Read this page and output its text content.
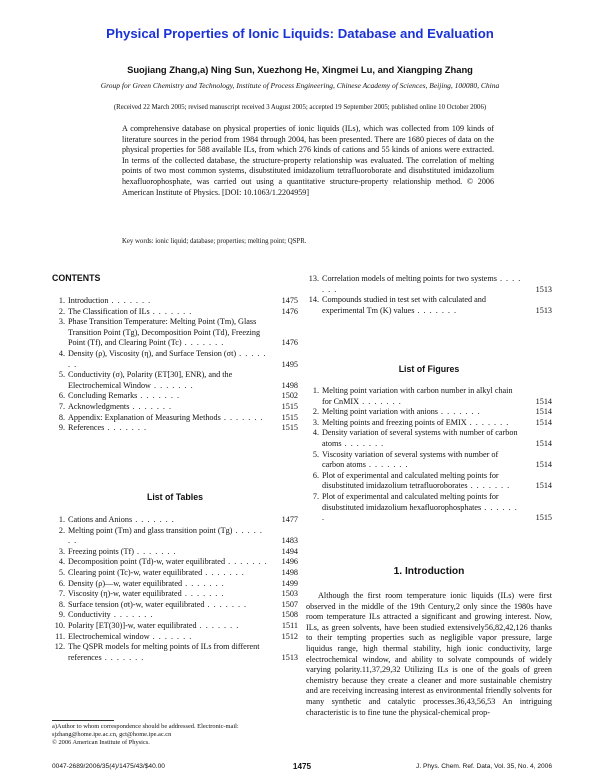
Physical Properties of Ionic Liquids: Database and Evaluation
Suojiang Zhang,a) Ning Sun, Xuezhong He, Xingmei Lu, and Xiangping Zhang
Group for Green Chemistry and Technology, Institute of Process Engineering, Chinese Academy of Sciences, Beijing, 100080, China
(Received 22 March 2005; revised manuscript received 3 August 2005; accepted 19 September 2005; published online 10 October 2006)
A comprehensive database on physical properties of ionic liquids (ILs), which was collected from 109 kinds of literature sources in the period from 1984 through 2004, has been presented. There are 1680 pieces of data on the physical properties for 588 available ILs, from which 276 kinds of cations and 55 kinds of anions were extracted. In terms of the collected database, the structure-property relationship was evaluated. The correlation of melting points of two most common systems, disubstituted imidazolium tetrafluoroborate and disubstituted imidazolium hexafluorophosphate, was carried out using a quantitative structure-property relationship method. © 2006 American Institute of Physics. [DOI: 10.1063/1.2204959]
Key words: ionic liquid; database; properties; melting point; QSPR.
CONTENTS
1. Introduction . . . . . . .	1475
2. The Classification of ILs . . . . . . .	1476
3. Phase Transition Temperature: Melting Point (Tm), Glass Transition Point (Tg), Decomposition Point (Td), Freezing Point (Tf), and Clearing Point (Tc) . . . . . . .	1476
4. Density (ρ), Viscosity (η), and Surface Tension (σt) . . . . . . .	1495
5. Conductivity (σ), Polarity (ET[30], ENR), and the Electrochemical Window . . . . . . .	1498
6. Concluding Remarks . . . . . . .	1502
7. Acknowledgments . . . . . . .	1515
8. Appendix: Explanation of Measuring Methods . . . . . . .	1515
9. References . . . . . . .	1515
List of Tables
1. Cations and Anions . . . . . . .	1477
2. Melting point (Tm) and glass transition point (Tg) . . . . . . .	1483
3. Freezing points (Tf) . . . . . . .	1494
4. Decomposition point (Td)-w, water equilibrated . . . . . . .	1496
5. Clearing point (Tc)-w, water equilibrated . . . . . . .	1498
6. Density (ρ)—w, water equilibrated . . . . . . .	1499
7. Viscosity (η)-w, water equilibrated . . . . . . .	1503
8. Surface tension (σt)-w, water equilibrated . . . . . . .	1507
9. Conductivity . . . . . . .	1508
10. Polarity [ET(30)]-w, water equilibrated . . . . . . .	1511
11. Electrochemical window . . . . . . .	1512
12. The QSPR models for melting points of ILs from different references . . . . . . .	1513
13. Correlation models of melting points for two systems . . . . . . .	1513
14. Compounds studied in test set with calculated and experimental Tm (K) values . . . . . . .	1513
List of Figures
1. Melting point variation with carbon number in alkyl chain for CnMIX . . . . . . .	1514
2. Melting point variation with anions . . . . . . .	1514
3. Melting points and freezing points of EMIX . . . . . . .	1514
4. Density variation of several systems with number of carbon atoms . . . . . . .	1514
5. Viscosity variation of several systems with number of carbon atoms . . . . . . .	1514
6. Plot of experimental and calculated melting points for disubstituted imidazolium tetrafluoroborates . . . . . . .	1514
7. Plot of experimental and calculated melting points for disubstituted imidazolium hexafluorophosphates . . . . . . .	1515
1. Introduction

Although the first room temperature ionic liquids (ILs) were first observed in the middle of the 19th Century,2 only since the 1980s have room temperature ILs attracted a significant and growing interest. Now, ILs, as green solvents, have been studied extensively56,82,42,126 thanks to their tempting properties such as negligible vapor pressure, large liquidus range, high thermal stability, high ionic conductivity, large electrochemical window, and ability to solvate compounds of widely varying polarity.11,37,29,32 Utilizing ILs is one of the goals of green chemistry because they create a cleaner and more sustainable chemistry and are receiving increasing interest as environmental friendly solvents for many synthetic and catalytic processes.36,43,56,53 An intriguing characteristic is to fine tune the physical-chemical prop-

a)Author to whom correspondence should be addressed. Electronic-mail: sjzhang@home.ipe.ac.cn, gct@home.ipe.ac.cn
© 2006 American Institute of Physics.
0047-2689/2006/35(4)/1475/43/$40.00	1475	J. Phys. Chem. Ref. Data, Vol. 35, No. 4, 2006
